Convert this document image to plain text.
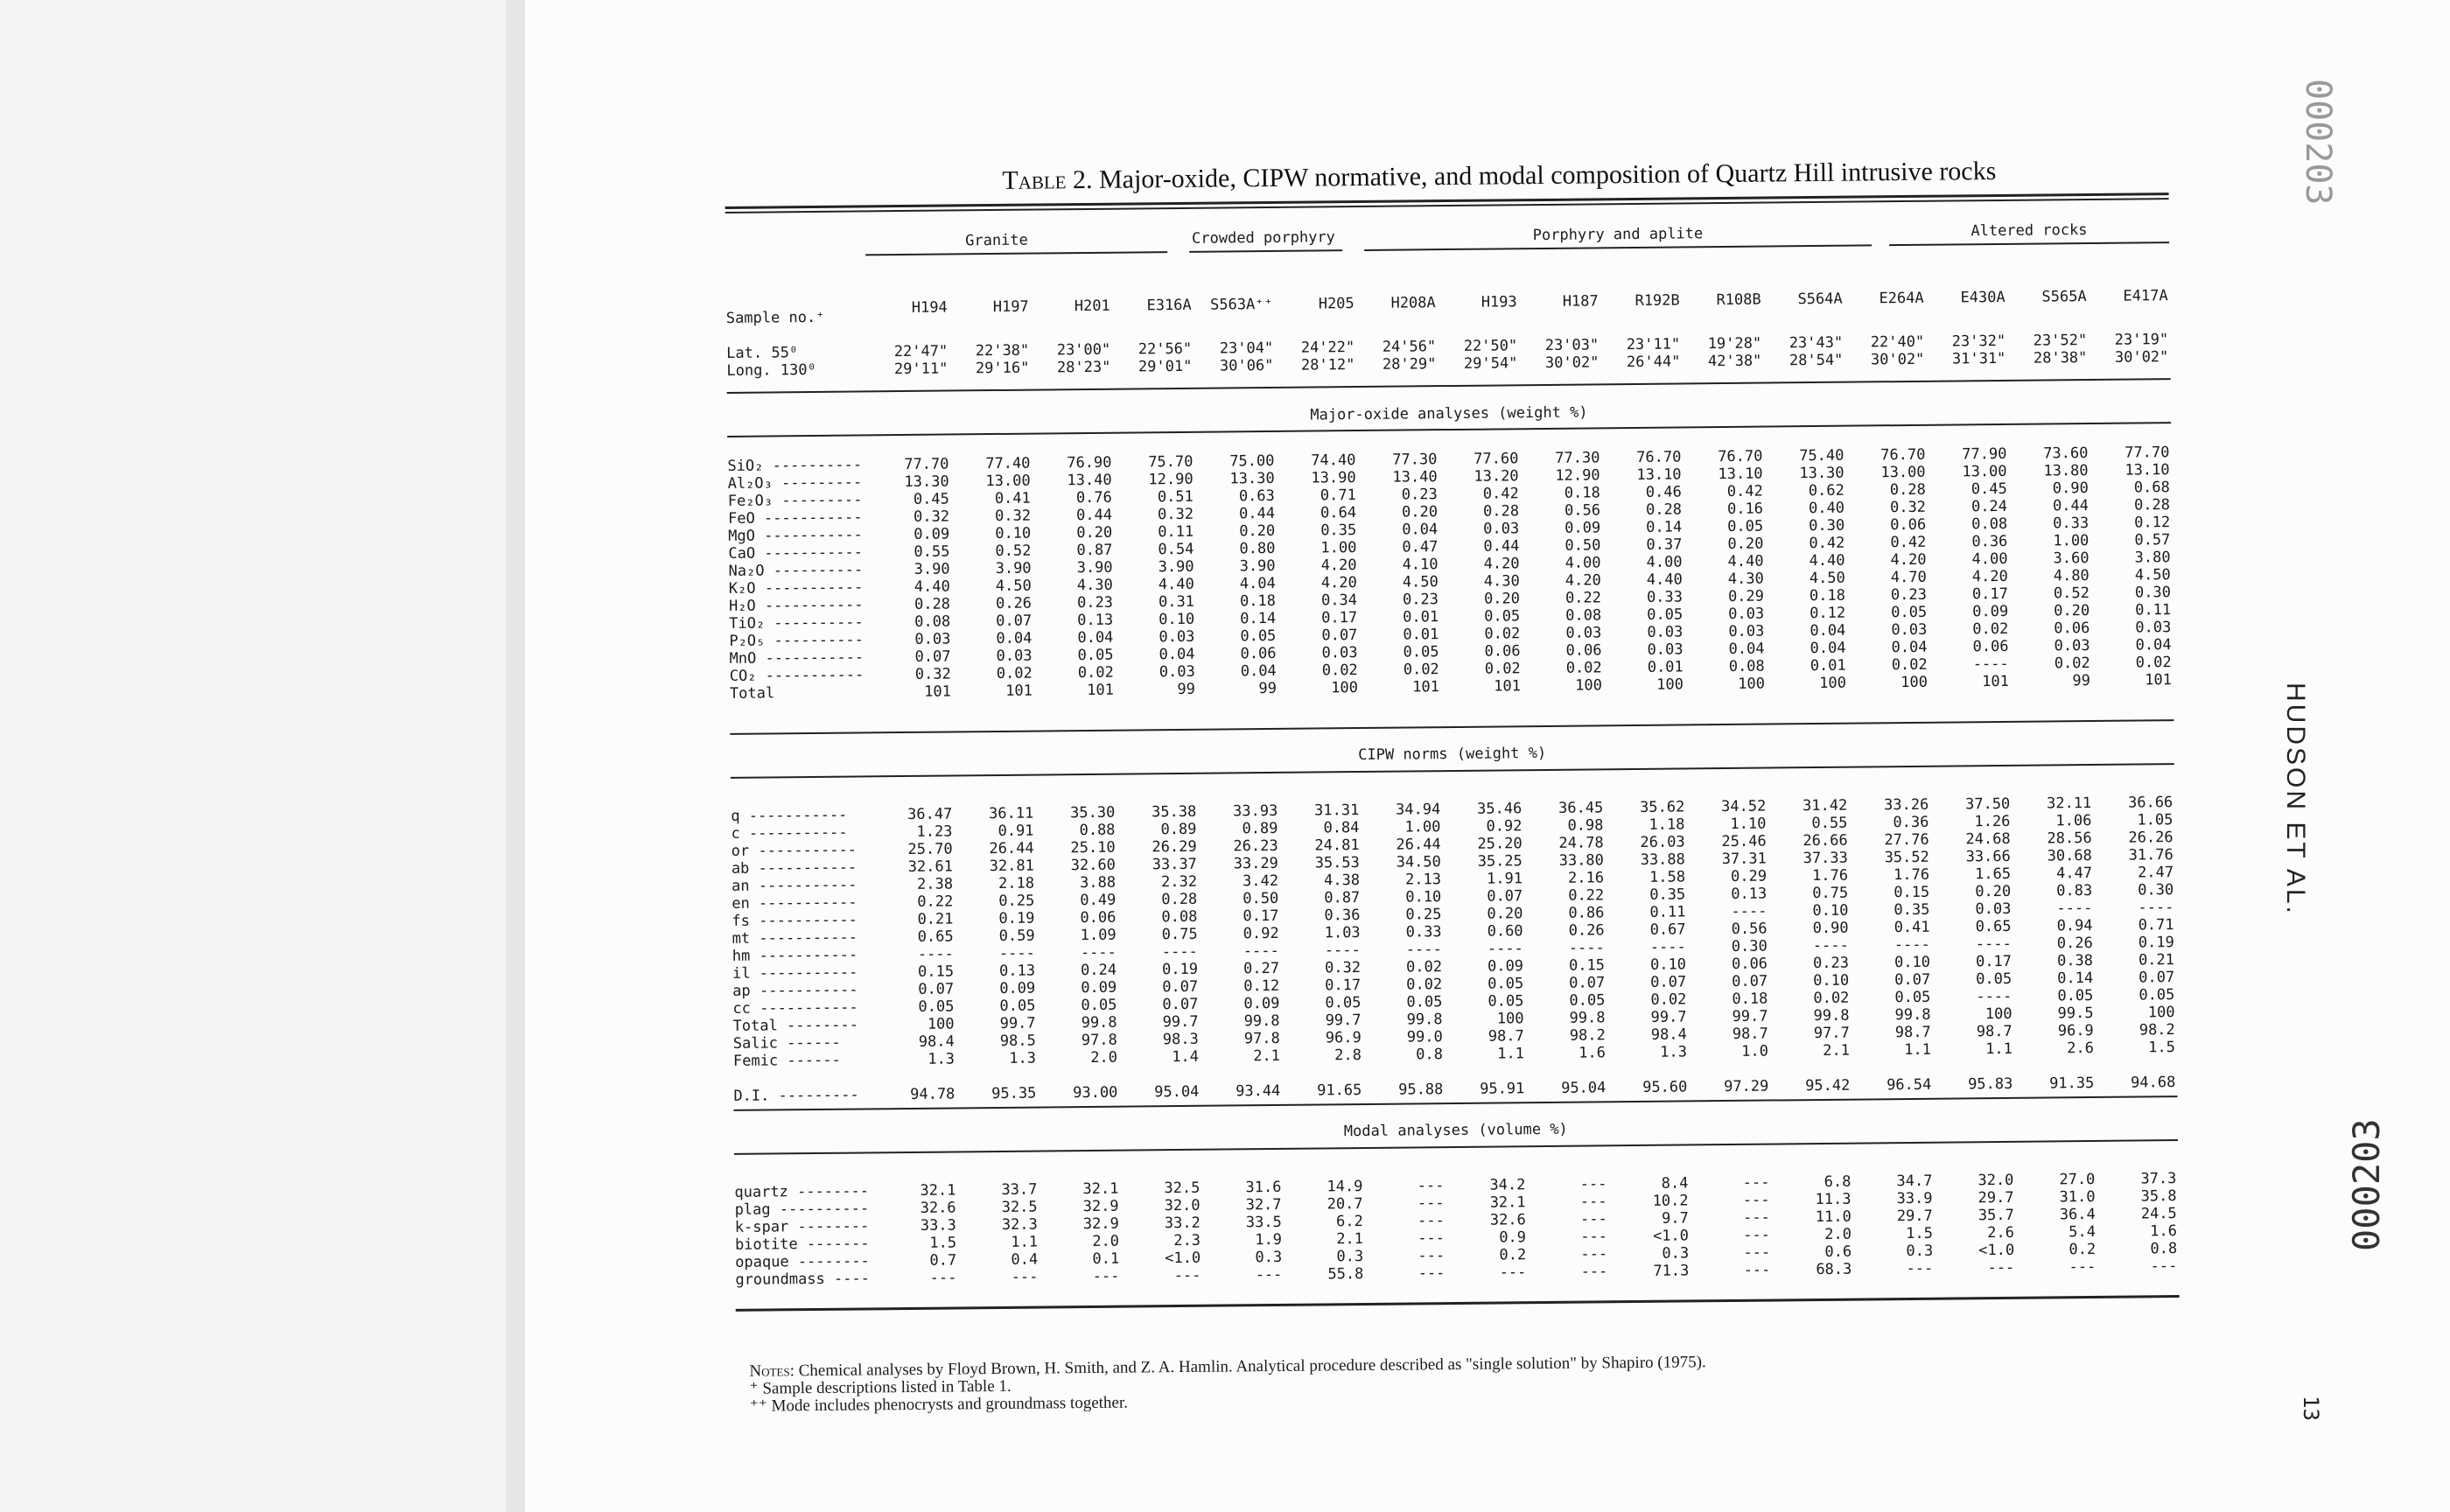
Table 2. Major-oxide, CIPW normative, and modal composition of Quartz Hill intrusive rocks
Granite	Crowded porphyry	Porphyry and aplite	Altered rocks
Sample no.⁺
Lat. 55⁰
Long. 130⁰
	H194	H197	H201	E316A	S563A⁺⁺	H205	H208A	H193	H187	R192B	R108B	S564A	E264A	E430A	S565A	E417A
	22'47"	22'38"	23'00"	22'56"	23'04"	24'22"	24'56"	22'50"	23'03"	23'11"	19'28"	23'43"	22'40"	23'32"	23'52"	23'19"
	29'11"	29'16"	28'23"	29'01"	30'06"	28'12"	28'29"	29'54"	30'02"	26'44"	42'38"	28'54"	30'02"	31'31"	28'38"	30'02"
Major-oxide analyses (weight %)
SiO₂ ----------	77.70	77.40	76.90	75.70	75.00	74.40	77.30	77.60	77.30	76.70	76.70	75.40	76.70	77.90	73.60	77.70
Al₂O₃ ---------	13.30	13.00	13.40	12.90	13.30	13.90	13.40	13.20	12.90	13.10	13.10	13.30	13.00	13.00	13.80	13.10
Fe₂O₃ ---------	0.45	0.41	0.76	0.51	0.63	0.71	0.23	0.42	0.18	0.46	0.42	0.62	0.28	0.45	0.90	0.68
FeO -----------	0.32	0.32	0.44	0.32	0.44	0.64	0.20	0.28	0.56	0.28	0.16	0.40	0.32	0.24	0.44	0.28
MgO -----------	0.09	0.10	0.20	0.11	0.20	0.35	0.04	0.03	0.09	0.14	0.05	0.30	0.06	0.08	0.33	0.12
CaO -----------	0.55	0.52	0.87	0.54	0.80	1.00	0.47	0.44	0.50	0.37	0.20	0.42	0.42	0.36	1.00	0.57
Na₂O ----------	3.90	3.90	3.90	3.90	3.90	4.20	4.10	4.20	4.00	4.00	4.40	4.40	4.20	4.00	3.60	3.80
K₂O -----------	4.40	4.50	4.30	4.40	4.04	4.20	4.50	4.30	4.20	4.40	4.30	4.50	4.70	4.20	4.80	4.50
H₂O -----------	0.28	0.26	0.23	0.31	0.18	0.34	0.23	0.20	0.22	0.33	0.29	0.18	0.23	0.17	0.52	0.30
TiO₂ ----------	0.08	0.07	0.13	0.10	0.14	0.17	0.01	0.05	0.08	0.05	0.03	0.12	0.05	0.09	0.20	0.11
P₂O₅ ----------	0.03	0.04	0.04	0.03	0.05	0.07	0.01	0.02	0.03	0.03	0.03	0.04	0.03	0.02	0.06	0.03
MnO -----------	0.07	0.03	0.05	0.04	0.06	0.03	0.05	0.06	0.06	0.03	0.04	0.04	0.04	0.06	0.03	0.04
CO₂ -----------	0.32	0.02	0.02	0.03	0.04	0.02	0.02	0.02	0.02	0.01	0.08	0.01	0.02	----	0.02	0.02
Total	101	101	101	99	99	100	101	101	100	100	100	100	100	101	99	101
CIPW norms (weight %)
q -----------	36.47	36.11	35.30	35.38	33.93	31.31	34.94	35.46	36.45	35.62	34.52	31.42	33.26	37.50	32.11	36.66
c -----------	1.23	0.91	0.88	0.89	0.89	0.84	1.00	0.92	0.98	1.18	1.10	0.55	0.36	1.26	1.06	1.05
or -----------	25.70	26.44	25.10	26.29	26.23	24.81	26.44	25.20	24.78	26.03	25.46	26.66	27.76	24.68	28.56	26.26
ab -----------	32.61	32.81	32.60	33.37	33.29	35.53	34.50	35.25	33.80	33.88	37.31	37.33	35.52	33.66	30.68	31.76
an -----------	2.38	2.18	3.88	2.32	3.42	4.38	2.13	1.91	2.16	1.58	0.29	1.76	1.76	1.65	4.47	2.47
en -----------	0.22	0.25	0.49	0.28	0.50	0.87	0.10	0.07	0.22	0.35	0.13	0.75	0.15	0.20	0.83	0.30
fs -----------	0.21	0.19	0.06	0.08	0.17	0.36	0.25	0.20	0.86	0.11	----	0.10	0.35	0.03	----	----
mt -----------	0.65	0.59	1.09	0.75	0.92	1.03	0.33	0.60	0.26	0.67	0.56	0.90	0.41	0.65	0.94	0.71
hm -----------	----	----	----	----	----	----	----	----	----	----	0.30	----	----	----	0.26	0.19
il -----------	0.15	0.13	0.24	0.19	0.27	0.32	0.02	0.09	0.15	0.10	0.06	0.23	0.10	0.17	0.38	0.21
ap -----------	0.07	0.09	0.09	0.07	0.12	0.17	0.02	0.05	0.07	0.07	0.07	0.10	0.07	0.05	0.14	0.07
cc -----------	0.05	0.05	0.05	0.07	0.09	0.05	0.05	0.05	0.05	0.02	0.18	0.02	0.05	----	0.05	0.05
Total --------	100	99.7	99.8	99.7	99.8	99.7	99.8	100	99.8	99.7	99.7	99.8	99.8	100	99.5	100
Salic ------	98.4	98.5	97.8	98.3	97.8	96.9	99.0	98.7	98.2	98.4	98.7	97.7	98.7	98.7	96.9	98.2
Femic ------	1.3	1.3	2.0	1.4	2.1	2.8	0.8	1.1	1.6	1.3	1.0	2.1	1.1	1.1	2.6	1.5

D.I. ---------	94.78	95.35	93.00	95.04	93.44	91.65	95.88	95.91	95.04	95.60	97.29	95.42	96.54	95.83	91.35	94.68
Modal analyses (volume %)
quartz --------	32.1	33.7	32.1	32.5	31.6	14.9	---	34.2	---	8.4	---	6.8	34.7	32.0	27.0	37.3
plag ----------	32.6	32.5	32.9	32.0	32.7	20.7	---	32.1	---	10.2	---	11.3	33.9	29.7	31.0	35.8
k-spar --------	33.3	32.3	32.9	33.2	33.5	6.2	---	32.6	---	9.7	---	11.0	29.7	35.7	36.4	24.5
biotite -------	1.5	1.1	2.0	2.3	1.9	2.1	---	0.9	---	<1.0	---	2.0	1.5	2.6	5.4	1.6
opaque --------	0.7	0.4	0.1	<1.0	0.3	0.3	---	0.2	---	0.3	---	0.6	0.3	<1.0	0.2	0.8
groundmass ----	---	---	---	---	---	55.8	---	---	---	71.3	---	68.3	---	---	---	---
Notes: Chemical analyses by Floyd Brown, H. Smith, and Z. A. Hamlin. Analytical procedure described as "single solution" by Shapiro (1975).
⁺ Sample descriptions listed in Table 1.
⁺⁺ Mode includes phenocrysts and groundmass together.
HUDSON ET AL.
000203
000203
13
